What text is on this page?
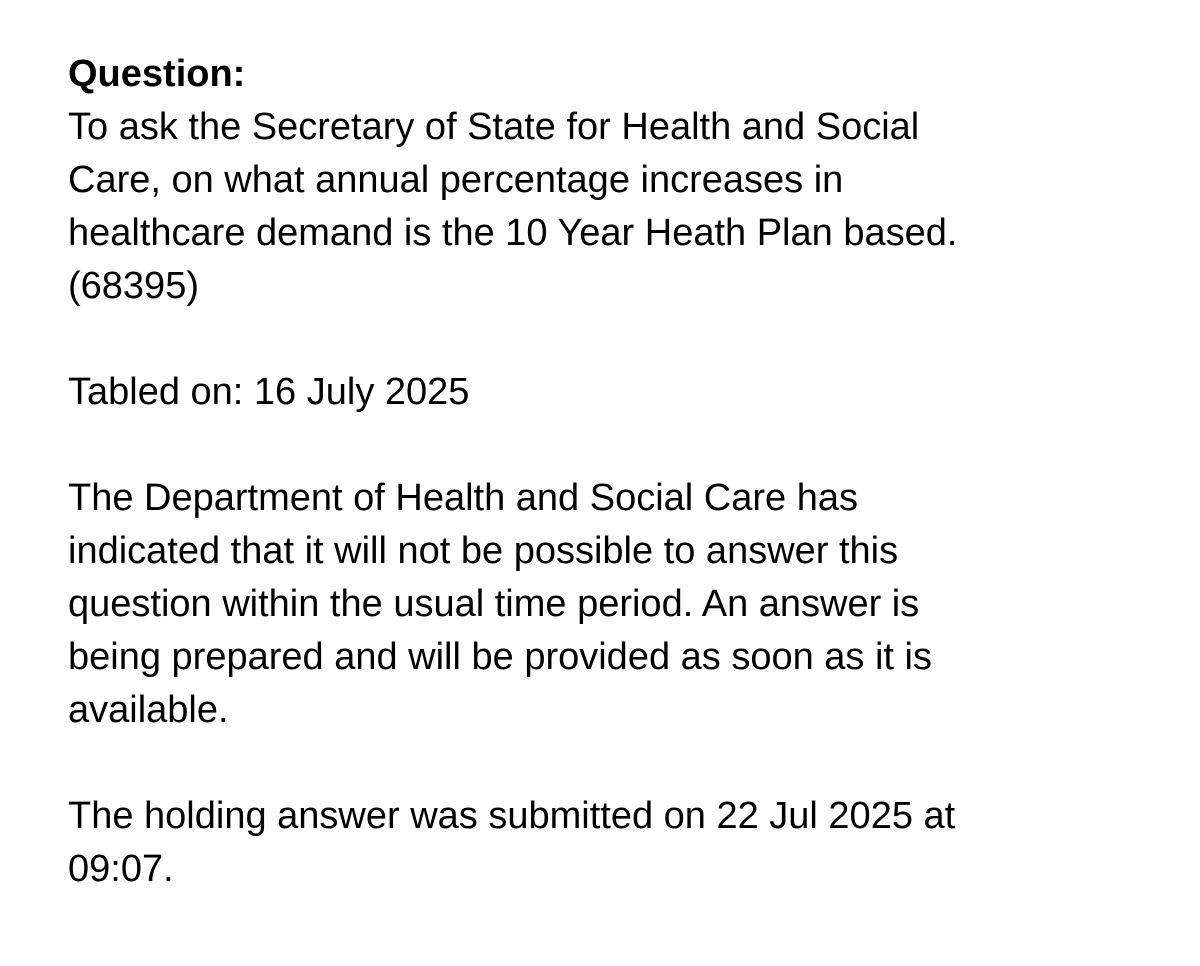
Question:
To ask the Secretary of State for Health and Social
Care, on what annual percentage increases in
healthcare demand is the 10 Year Heath Plan based.
(68395)
Tabled on: 16 July 2025
The Department of Health and Social Care has
indicated that it will not be possible to answer this
question within the usual time period. An answer is
being prepared and will be provided as soon as it is
available.
The holding answer was submitted on 22 Jul 2025 at
09:07.
